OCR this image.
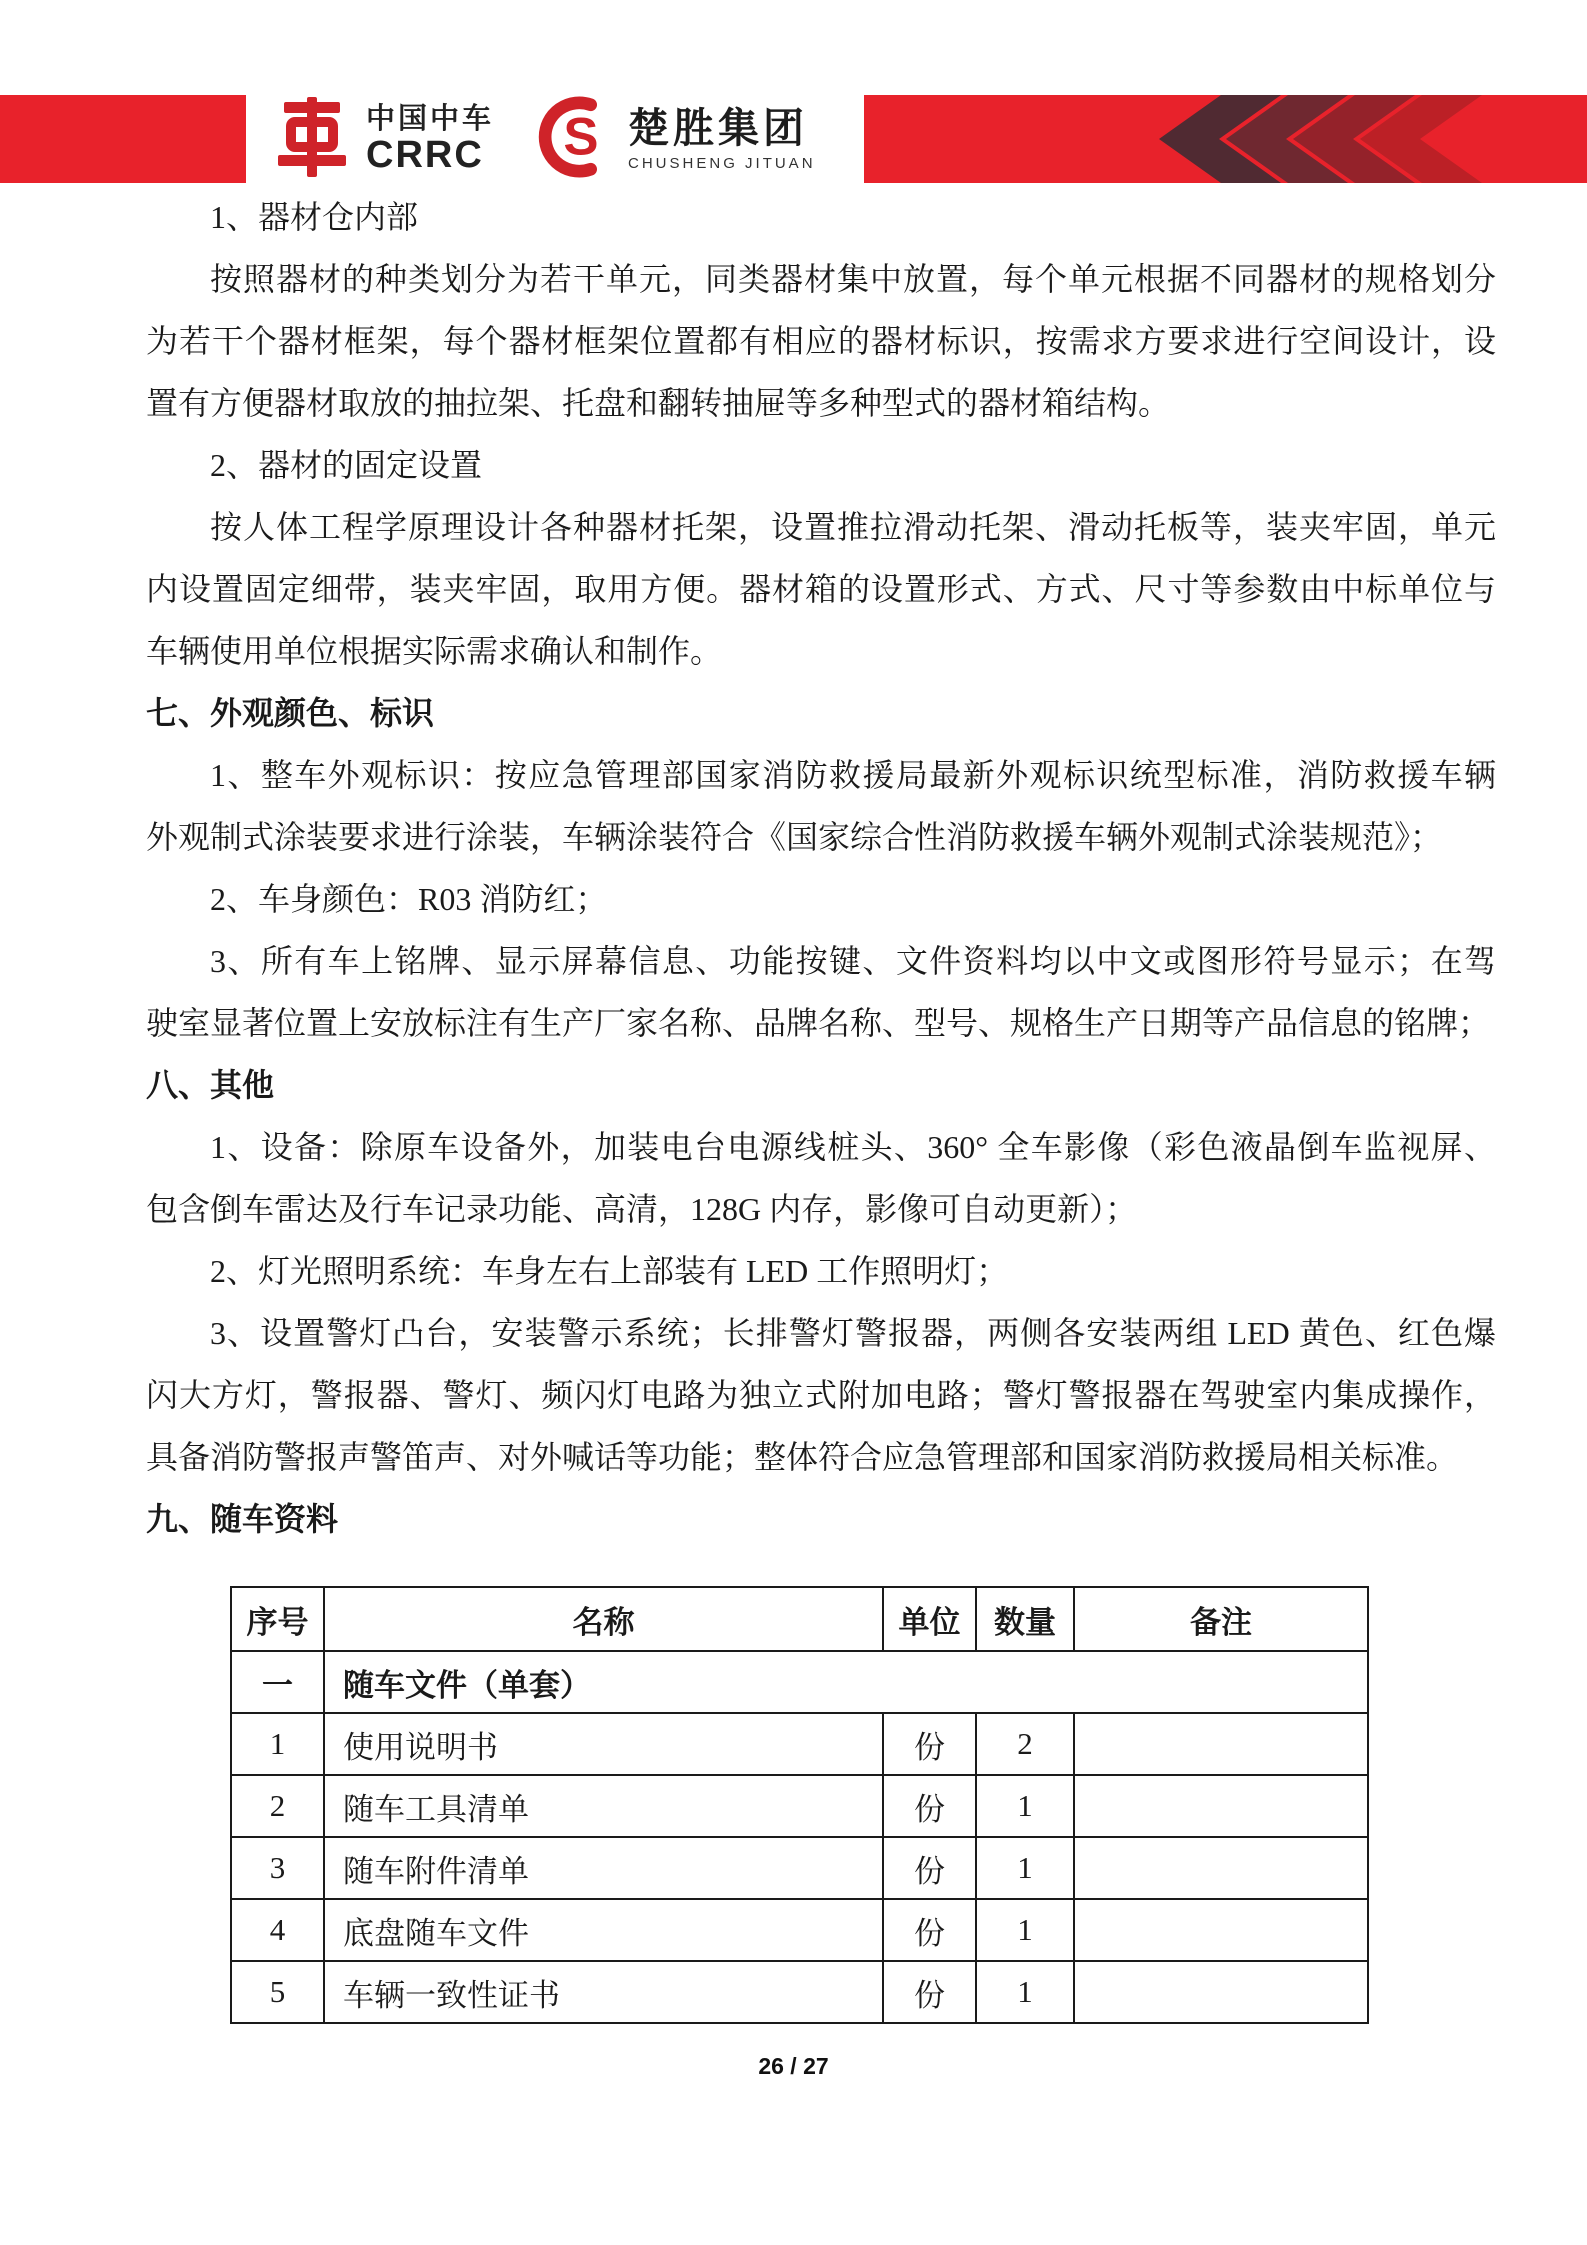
中国中车
CRRC S 楚胜集团
CHUSHENG JITUAN
1、器材仓内部
按照器材的种类划分为若干单元，同类器材集中放置，每个单元根据不同器材的规格划分
为若干个器材框架，每个器材框架位置都有相应的器材标识，按需求方要求进行空间设计，设
置有方便器材取放的抽拉架、托盘和翻转抽屉等多种型式的器材箱结构。
2、器材的固定设置
按人体工程学原理设计各种器材托架，设置推拉滑动托架、滑动托板等，装夹牢固，单元
内设置固定细带，装夹牢固，取用方便。器材箱的设置形式、方式、尺寸等参数由中标单位与
车辆使用单位根据实际需求确认和制作。
七、外观颜色、标识
1、整车外观标识：按应急管理部国家消防救援局最新外观标识统型标准，消防救援车辆
外观制式涂装要求进行涂装，车辆涂装符合《国家综合性消防救援车辆外观制式涂装规范》；
2、车身颜色：R03 消防红；
3、所有车上铭牌、显示屏幕信息、功能按键、文件资料均以中文或图形符号显示；在驾
驶室显著位置上安放标注有生产厂家名称、品牌名称、型号、规格生产日期等产品信息的铭牌；
八、其他
1、设备：除原车设备外，加装电台电源线桩头、360° 全车影像（彩色液晶倒车监视屏、
包含倒车雷达及行车记录功能、高清，128G 内存，影像可自动更新）；
2、灯光照明系统：车身左右上部装有 LED 工作照明灯；
3、设置警灯凸台，安装警示系统；长排警灯警报器，两侧各安装两组 LED 黄色、红色爆
闪大方灯，警报器、警灯、频闪灯电路为独立式附加电路；警灯警报器在驾驶室内集成操作，
具备消防警报声警笛声、对外喊话等功能；整体符合应急管理部和国家消防救援局相关标准。
九、随车资料
序号	名称	单位	数量	备注
一	随车文件（单套）			
1	使用说明书	份	2	
2	随车工具清单	份	1	
3	随车附件清单	份	1	
4	底盘随车文件	份	1	
5	车辆一致性证书	份	1	
26 / 27
